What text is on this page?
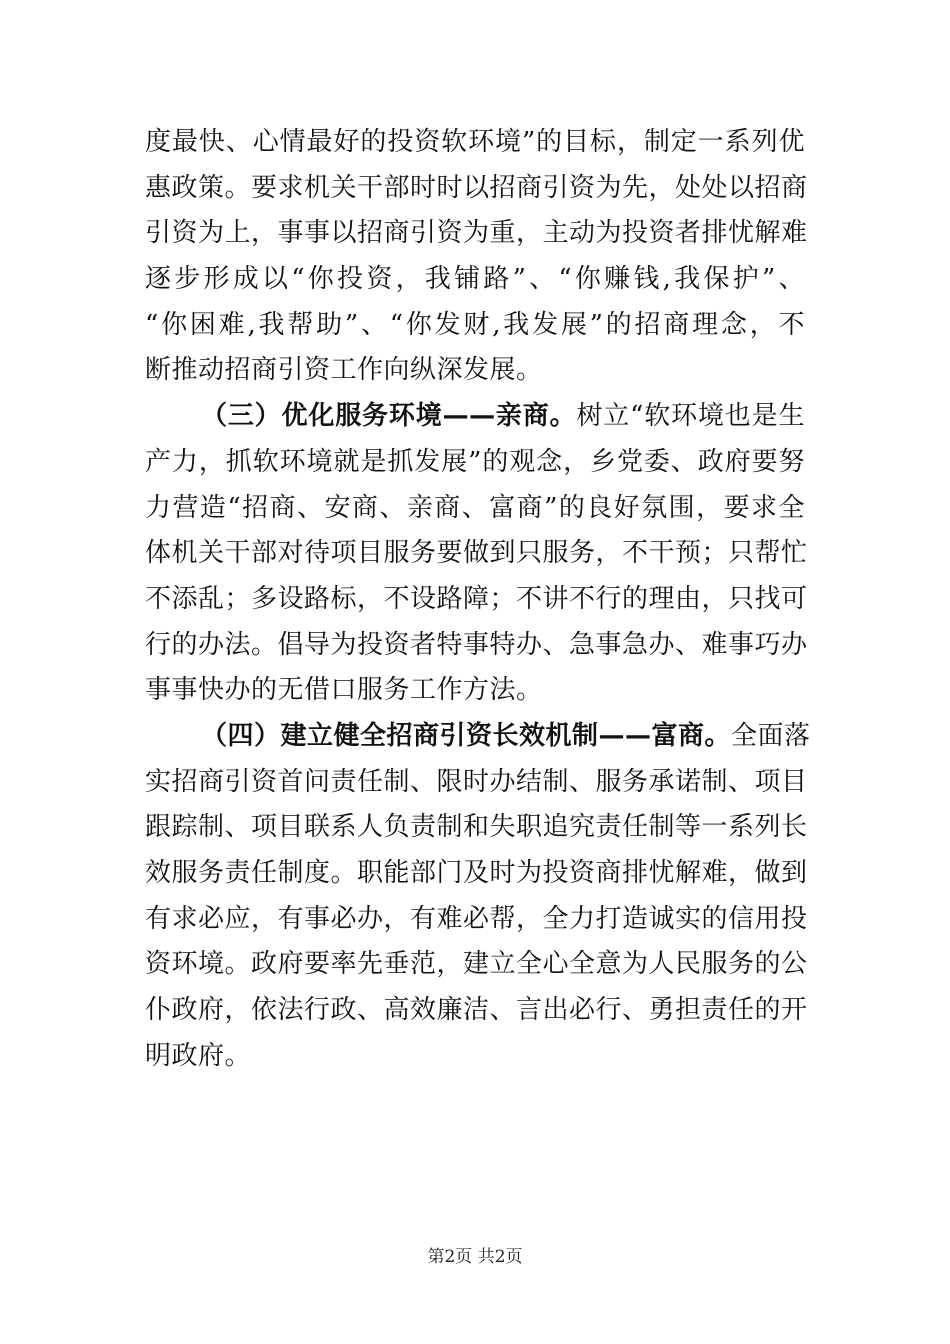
度最快、心情最好的投资软环境”的目标，制定一系列优
惠政策。要求机关干部时时以招商引资为先，处处以招商
引资为上，事事以招商引资为重，主动为投资者排忧解难
逐步形成以“你投资，我铺路”、“你赚钱,我保护”、
“你困难,我帮助”、“你发财,我发展”的招商理念，不
断推动招商引资工作向纵深发展。
（三）优化服务环境——亲商。树立“软环境也是生
产力，抓软环境就是抓发展”的观念，乡党委、政府要努
力营造“招商、安商、亲商、富商”的良好氛围，要求全
体机关干部对待项目服务要做到只服务，不干预；只帮忙
不添乱；多设路标，不设路障；不讲不行的理由，只找可
行的办法。倡导为投资者特事特办、急事急办、难事巧办
事事快办的无借口服务工作方法。
（四）建立健全招商引资长效机制——富商。全面落
实招商引资首问责任制、限时办结制、服务承诺制、项目
跟踪制、项目联系人负责制和失职追究责任制等一系列长
效服务责任制度。职能部门及时为投资商排忧解难，做到
有求必应，有事必办，有难必帮，全力打造诚实的信用投
资环境。政府要率先垂范，建立全心全意为人民服务的公
仆政府，依法行政、高效廉洁、言出必行、勇担责任的开
明政府。
第2页 共2页
